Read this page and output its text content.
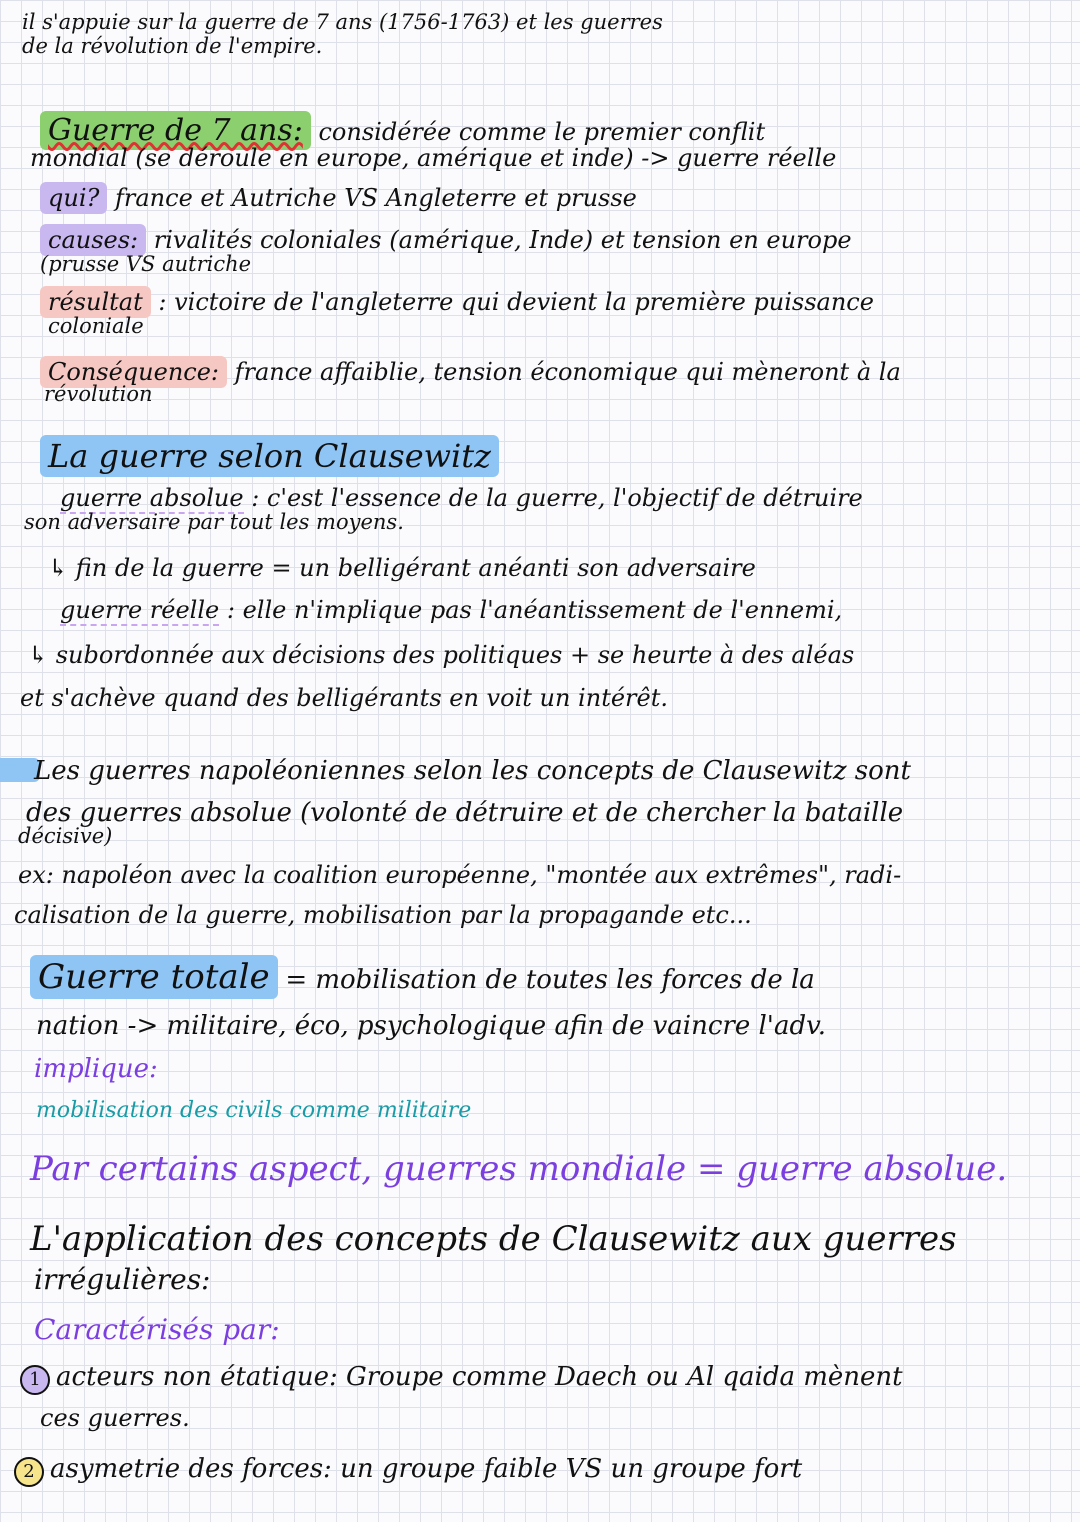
il s'appuie sur la guerre de 7 ans (1756-1763) et les guerres
de la révolution de l'empire.
Guerre de 7 ans: considérée comme le premier conflit
mondial (se déroule en europe, amérique et inde) -> guerre réelle
qui? france et Autriche VS Angleterre et prusse
causes: rivalités coloniales (amérique, Inde) et tension en europe
(prusse VS autriche
résultat : victoire de l'angleterre qui devient la première puissance
coloniale
Conséquence: france affaiblie, tension économique qui mèneront à la
révolution
La guerre selon Clausewitz
guerre absolue : c'est l'essence de la guerre, l'objectif de détruire
son adversaire par tout les moyens.
↳ fin de la guerre = un belligérant anéanti son adversaire
guerre réelle : elle n'implique pas l'anéantissement de l'ennemi,
↳ subordonnée aux décisions des politiques + se heurte à des aléas
et s'achève quand des belligérants en voit un intérêt.
Les guerres napoléoniennes selon les concepts de Clausewitz sont
des guerres absolue (volonté de détruire et de chercher la bataille
décisive)
ex: napoléon avec la coalition européenne, "montée aux extrêmes", radi-
calisation de la guerre, mobilisation par la propagande etc...
Guerre totale = mobilisation de toutes les forces de la
nation -> militaire, éco, psychologique afin de vaincre l'adv.
implique:
mobilisation des civils comme militaire
Par certains aspect, guerres mondiale = guerre absolue.
L'application des concepts de Clausewitz aux guerres
irrégulières:
Caractérisés par:
1 acteurs non étatique: Groupe comme Daech ou Al qaida mènent
ces guerres.
2 asymetrie des forces: un groupe faible VS un groupe fort
